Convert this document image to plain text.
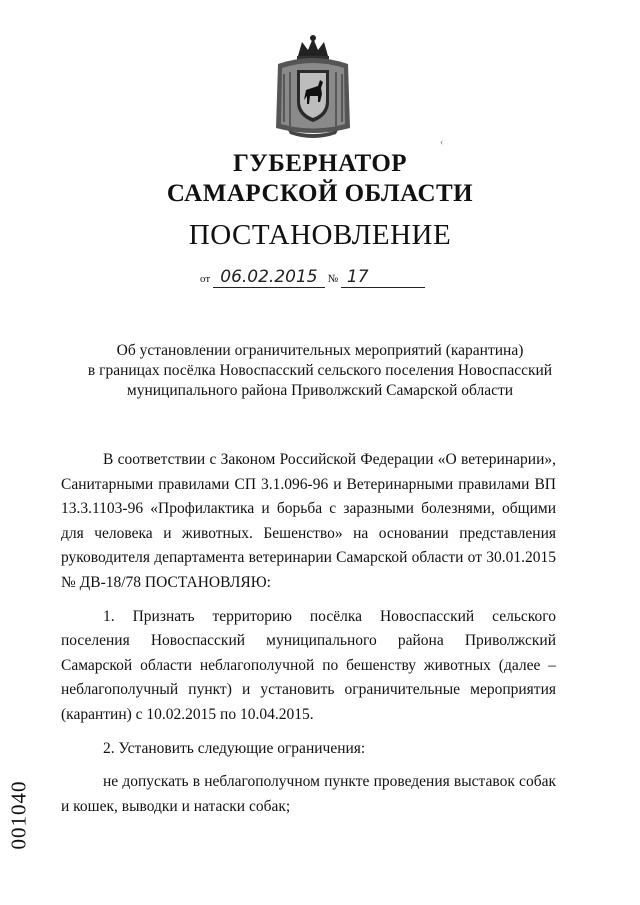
‹
ГУБЕРНАТОР
САМАРСКОЙ ОБЛАСТИ
ПОСТАНОВЛЕНИЕ
от 06.02.2015 № 17
Об установлении ограничительных мероприятий (карантина)
в границах посёлка Новоспасский сельского поселения Новоспасский
муниципального района Приволжский Самарской области

В соответствии с Законом Российской Федерации «О ветеринарии», Санитарными правилами СП 3.1.096-96 и Ветеринарными правилами ВП 13.3.1103-96 «Профилактика и борьба с заразными болезнями, общими для человека и животных. Бешенство» на основании представления руководителя департамента ветеринарии Самарской области от 30.01.2015 № ДВ-18/78 ПОСТАНОВЛЯЮ:

1. Признать территорию посёлка Новоспасский сельского поселения Новоспасский муниципального района Приволжский Самарской области неблагополучной по бешенству животных (далее – неблагополучный пункт) и установить ограничительные мероприятия (карантин) с 10.02.2015 по 10.04.2015.

2. Установить следующие ограничения:

не допускать в неблагополучном пункте проведения выставок собак и кошек, выводки и натаски собак;

001040
